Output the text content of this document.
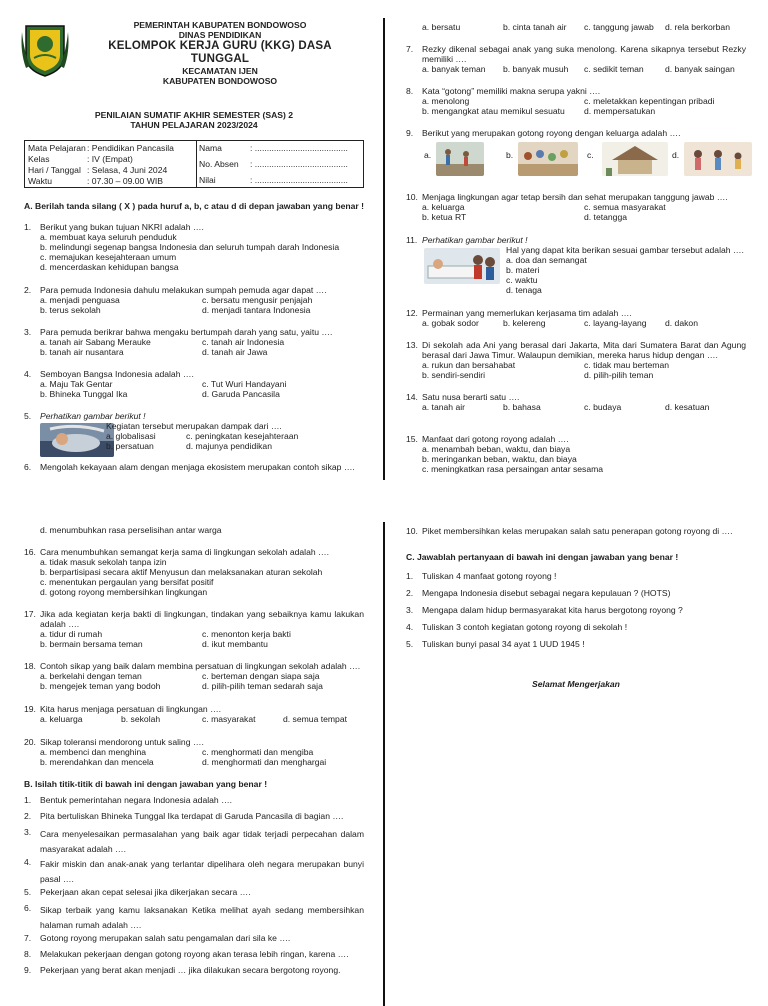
PEMERINTAH KABUPATEN BONDOWOSO
DINAS PENDIDIKAN
KELOMPOK KERJA GURU (KKG) DASA
TUNGGAL
KECAMATAN IJEN
KABUPATEN BONDOWOSO
PENILAIAN SUMATIF AKHIR SEMESTER (SAS) 2
TAHUN PELAJARAN 2023/2024
Mata Pelajaran : Pendidikan Pancasila
Kelas	: IV (Empat)
Hari / Tanggal : Selasa, 4 Juni 2024
Waktu	: 07.30 – 09.00 WIB
Nama	: .......................................
No. Absen : .......................................
Nilai	: .......................................
A. Berilah tanda silang ( X ) pada huruf a, b, c atau d di depan jawaban yang benar !
1. Berikut yang bukan tujuan NKRI adalah ….
a. membuat kaya seluruh penduduk
b. melindungi segenap bangsa Indonesia dan seluruh tumpah darah Indonesia
c. memajukan kesejahteraan umum
d. mencerdaskan kehidupan bangsa
2. Para pemuda Indonesia dahulu melakukan sumpah pemuda agar dapat ….
a. menjadi penguasa	c. bersatu mengusir penjajah
b. terus sekolah	d. menjadi tantara Indonesia
3. Para pemuda berikrar bahwa mengaku bertumpah darah yang satu, yaitu ….
a. tanah air Sabang Merauke	c. tanah air Indonesia
b. tanah air nusantara	d. tanah air Jawa
4. Semboyan Bangsa Indonesia adalah ….
a. Maju Tak Gentar	c. Tut Wuri Handayani
b. Bhineka Tunggal Ika	d. Garuda Pancasila
5. Perhatikan gambar berikut !
Kegiatan tersebut merupakan dampak dari ….
a. globalisasi	c. peningkatan kesejahteraan
b. persatuan	d. majunya pendidikan
6. Mengolah kekayaan alam dengan menjaga ekosistem merupakan contoh sikap ….
a. bersatu	b. cinta tanah air	c. tanggung jawab	d. rela berkorban
7. Rezky dikenal sebagai anak yang suka menolong. Karena sikapnya tersebut Rezky memiliki ….
a. banyak teman	b. banyak musuh	c. sedikit teman	d. banyak saingan
8. Kata “gotong” memiliki makna serupa yakni ….
a. menolong	c. meletakkan kepentingan pribadi
b. mengangkat atau memikul sesuatu	d. mempersatukan
9. Berikut yang merupakan gotong royong dengan keluarga adalah ….
a.	b.	c.	d.
10. Menjaga lingkungan agar tetap bersih dan sehat merupakan tanggung jawab ….
a. keluarga	c. semua masyarakat
b. ketua RT	d. tetangga
11. Perhatikan gambar berikut !
Hal yang dapat kita berikan sesuai gambar tersebut adalah ….
a. doa dan semangat
b. materi
c. waktu
d. tenaga
12. Permainan yang memerlukan kerjasama tim adalah ….
a. gobak sodor	b. kelereng	c. layang-layang	d. dakon
13. Di sekolah ada Ani yang berasal dari Jakarta, Mita dari Sumatera Barat dan Agung berasal dari Jawa Timur. Walaupun demikian, mereka harus hidup dengan ….
a. rukun dan bersahabat	c. tidak mau berteman
b. sendiri-sendiri	d. pilih-pilih teman
14. Satu nusa berarti satu ….
a. tanah air	b. bahasa	c. budaya	d. kesatuan
15. Manfaat dari gotong royong adalah ….
a. menambah beban, waktu, dan biaya
b. meringankan beban, waktu, dan biaya
c. meningkatkan rasa persaingan antar sesama
d. menumbuhkan rasa perselisihan antar warga
16. Cara menumbuhkan semangat kerja sama di lingkungan sekolah adalah ….
a. tidak masuk sekolah tanpa izin
b. berpartisipasi secara aktif Menyusun dan melaksanakan aturan sekolah
c. menentukan pergaulan yang bersifat positif
d. gotong royong membersihkan lingkungan
17. Jika ada kegiatan kerja bakti di lingkungan, tindakan yang sebaiknya kamu lakukan adalah ….
a. tidur di rumah	c. menonton kerja bakti
b. bermain bersama teman	d. ikut membantu
18. Contoh sikap yang baik dalam membina persatuan di lingkungan sekolah adalah ….
a. berkelahi dengan teman	c. berteman dengan siapa saja
b. mengejek teman yang bodoh	d. pilih-pilih teman sedarah saja
19. Kita harus menjaga persatuan di lingkungan ….
a. keluarga	b. sekolah	c. masyarakat	d. semua tempat
20. Sikap toleransi mendorong untuk saling ….
a. membenci dan menghina	c. menghormati dan mengiba
b. merendahkan dan mencela	d. menghormati dan menghargai
B. Isilah titik-titik di bawah ini dengan jawaban yang benar !
1. Bentuk pemerintahan negara Indonesia adalah ….
2. Pita bertuliskan Bhineka Tunggal Ika terdapat di Garuda Pancasila di bagian ….
3. Cara menyelesaikan permasalahan yang baik agar tidak terjadi perpecahan dalam masyarakat adalah ….
4. Fakir miskin dan anak-anak yang terlantar dipelihara oleh negara merupakan bunyi pasal ….
5. Pekerjaan akan cepat selesai jika dikerjakan secara ….
6. Sikap terbaik yang kamu laksanakan Ketika melihat ayah sedang membersihkan halaman rumah adalah ….
7. Gotong royong merupakan salah satu pengamalan dari sila ke ….
8. Melakukan pekerjaan dengan gotong royong akan terasa lebih ringan, karena ….
9. Pekerjaan yang berat akan menjadi … jika dilakukan secara bergotong royong.
10. Piket membersihkan kelas merupakan salah satu penerapan gotong royong di ….
C. Jawablah pertanyaan di bawah ini dengan jawaban yang benar !
1. Tuliskan 4 manfaat gotong royong !
2. Mengapa Indonesia disebut sebagai negara kepulauan ? (HOTS)
3. Mengapa dalam hidup bermasyarakat kita harus bergotong royong ?
4. Tuliskan 3 contoh kegiatan gotong royong di sekolah !
5. Tuliskan bunyi pasal 34 ayat 1 UUD 1945 !
Selamat Mengerjakan
